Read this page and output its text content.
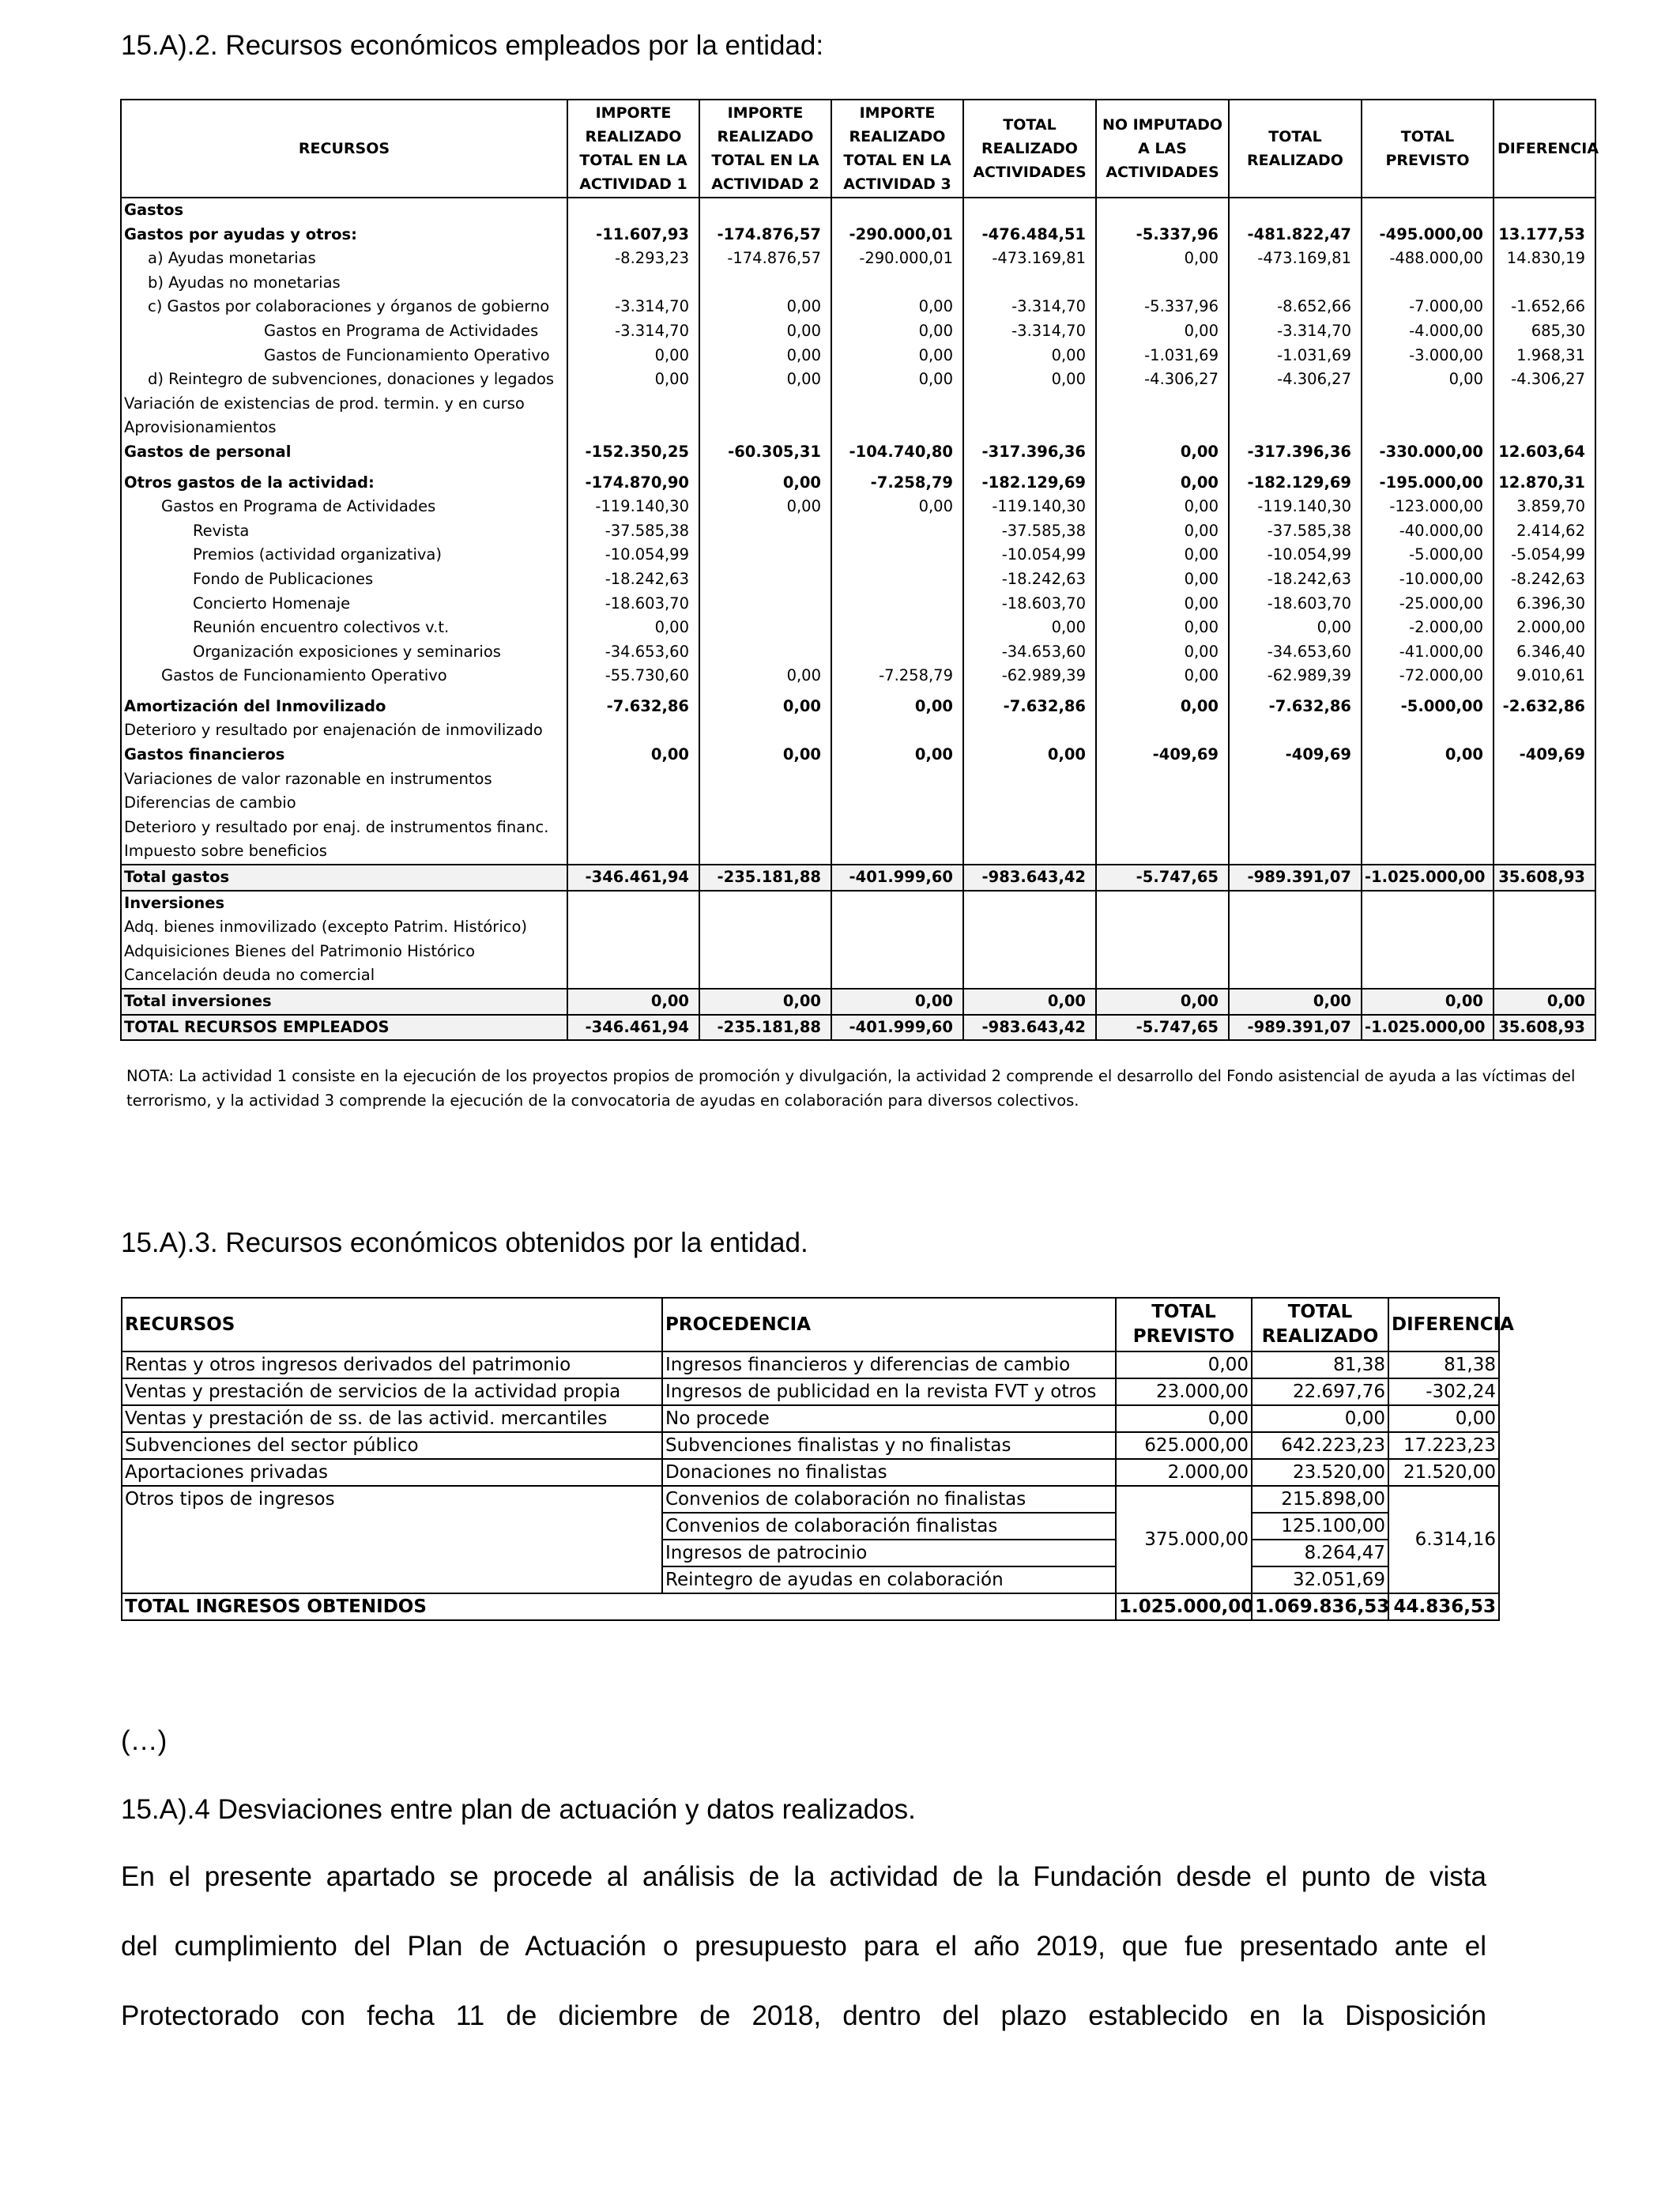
15.A).2. Recursos económicos empleados por la entidad:
RECURSOS	IMPORTE REALIZADO TOTAL EN LA ACTIVIDAD 1	IMPORTE REALIZADO TOTAL EN LA ACTIVIDAD 2	IMPORTE REALIZADO TOTAL EN LA ACTIVIDAD 3	TOTAL REALIZADO ACTIVIDADES	NO IMPUTADO A LAS ACTIVIDADES	TOTAL REALIZADO	TOTAL PREVISTO	DIFERENCIA
Gastos								
Gastos por ayudas y otros:	-11.607,93	-174.876,57	-290.000,01	-476.484,51	-5.337,96	-481.822,47	-495.000,00	13.177,53
a) Ayudas monetarias	-8.293,23	-174.876,57	-290.000,01	-473.169,81	0,00	-473.169,81	-488.000,00	14.830,19
b) Ayudas no monetarias								
c) Gastos por colaboraciones y órganos de gobierno	-3.314,70	0,00	0,00	-3.314,70	-5.337,96	-8.652,66	-7.000,00	-1.652,66
Gastos en Programa de Actividades	-3.314,70	0,00	0,00	-3.314,70	0,00	-3.314,70	-4.000,00	685,30
Gastos de Funcionamiento Operativo	0,00	0,00	0,00	0,00	-1.031,69	-1.031,69	-3.000,00	1.968,31
d) Reintegro de subvenciones, donaciones y legados	0,00	0,00	0,00	0,00	-4.306,27	-4.306,27	0,00	-4.306,27
Variación de existencias de prod. termin. y en curso								
Aprovisionamientos								
Gastos de personal	-152.350,25	-60.305,31	-104.740,80	-317.396,36	0,00	-317.396,36	-330.000,00	12.603,64
Otros gastos de la actividad:	-174.870,90	0,00	-7.258,79	-182.129,69	0,00	-182.129,69	-195.000,00	12.870,31
Gastos en Programa de Actividades	-119.140,30	0,00	0,00	-119.140,30	0,00	-119.140,30	-123.000,00	3.859,70
Revista	-37.585,38			-37.585,38	0,00	-37.585,38	-40.000,00	2.414,62
Premios (actividad organizativa)	-10.054,99			-10.054,99	0,00	-10.054,99	-5.000,00	-5.054,99
Fondo de Publicaciones	-18.242,63			-18.242,63	0,00	-18.242,63	-10.000,00	-8.242,63
Concierto Homenaje	-18.603,70			-18.603,70	0,00	-18.603,70	-25.000,00	6.396,30
Reunión encuentro colectivos v.t.	0,00			0,00	0,00	0,00	-2.000,00	2.000,00
Organización exposiciones y seminarios	-34.653,60			-34.653,60	0,00	-34.653,60	-41.000,00	6.346,40
Gastos de Funcionamiento Operativo	-55.730,60	0,00	-7.258,79	-62.989,39	0,00	-62.989,39	-72.000,00	9.010,61
Amortización del Inmovilizado	-7.632,86	0,00	0,00	-7.632,86	0,00	-7.632,86	-5.000,00	-2.632,86
Deterioro y resultado por enajenación de inmovilizado								
Gastos financieros	0,00	0,00	0,00	0,00	-409,69	-409,69	0,00	-409,69
Variaciones de valor razonable en instrumentos								
Diferencias de cambio								
Deterioro y resultado por enaj. de instrumentos financ.								
Impuesto sobre beneficios								
Total gastos	-346.461,94	-235.181,88	-401.999,60	-983.643,42	-5.747,65	-989.391,07	-1.025.000,00	35.608,93
Inversiones								
Adq. bienes inmovilizado (excepto Patrim. Histórico)								
Adquisiciones Bienes del Patrimonio Histórico								
Cancelación deuda no comercial								
Total inversiones	0,00	0,00	0,00	0,00	0,00	0,00	0,00	0,00
TOTAL RECURSOS EMPLEADOS	-346.461,94	-235.181,88	-401.999,60	-983.643,42	-5.747,65	-989.391,07	-1.025.000,00	35.608,93

NOTA: La actividad 1 consiste en la ejecución de los proyectos propios de promoción y divulgación, la actividad 2 comprende el desarrollo del Fondo asistencial de ayuda a las víctimas del terrorismo, y la actividad 3 comprende la ejecución de la convocatoria de ayudas en colaboración para diversos colectivos.

15.A).3. Recursos económicos obtenidos por la entidad.
RECURSOS	PROCEDENCIA	TOTAL PREVISTO	TOTAL REALIZADO	DIFERENCIA
Rentas y otros ingresos derivados del patrimonio	Ingresos financieros y diferencias de cambio	0,00	81,38	81,38
Ventas y prestación de servicios de la actividad propia	Ingresos de publicidad en la revista FVT y otros	23.000,00	22.697,76	-302,24
Ventas y prestación de ss. de las activid. mercantiles	No procede	0,00	0,00	0,00
Subvenciones del sector público	Subvenciones finalistas y no finalistas	625.000,00	642.223,23	17.223,23
Aportaciones privadas	Donaciones no finalistas	2.000,00	23.520,00	21.520,00
Otros tipos de ingresos	Convenios de colaboración no finalistas	375.000,00	215.898,00	6.314,16
	Convenios de colaboración finalistas		125.100,00	
	Ingresos de patrocinio		8.264,47	
	Reintegro de ayudas en colaboración		32.051,69	
TOTAL INGRESOS OBTENIDOS		1.025.000,00	1.069.836,53	44.836,53

(…)

15.A).4 Desviaciones entre plan de actuación y datos realizados.

En el presente apartado se procede al análisis de la actividad de la Fundación desde el punto de vista

del cumplimiento del Plan de Actuación o presupuesto para el año 2019, que fue presentado ante el

Protectorado con fecha 11 de diciembre de 2018, dentro del plazo establecido en la Disposición
